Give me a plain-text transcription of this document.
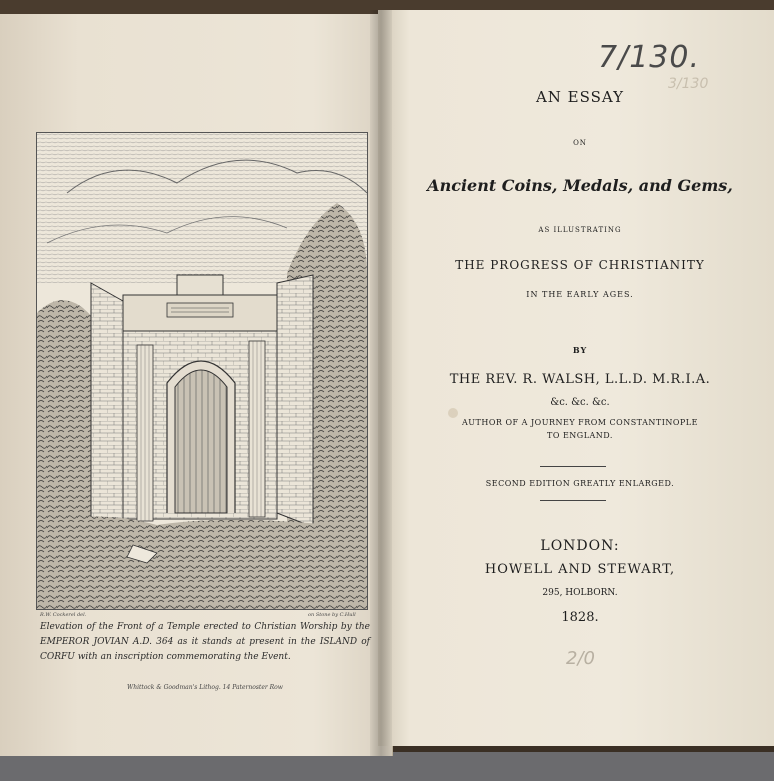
R.W. Cockerel del.	on Stone by C.Hull
Elevation of the Front of a Temple erected to Christian Worship by the EMPEROR JOVIAN A.D. 364 as it stands at present in the ISLAND of CORFU with an inscription commemorating the Event.
Whittock & Goodman's Lithog. 14 Paternoster Row
7/130.
3/130
AN ESSAY
ON
Ancient Coins, Medals, and Gems,
AS ILLUSTRATING
THE PROGRESS OF CHRISTIANITY
IN THE EARLY AGES.
BY
THE REV. R. WALSH, L.L.D. M.R.I.A.
&c. &c. &c.
AUTHOR OF A JOURNEY FROM CONSTANTINOPLE
TO ENGLAND.
SECOND EDITION GREATLY ENLARGED.
LONDON:
HOWELL AND STEWART,
295, HOLBORN.
1828.
2/0
